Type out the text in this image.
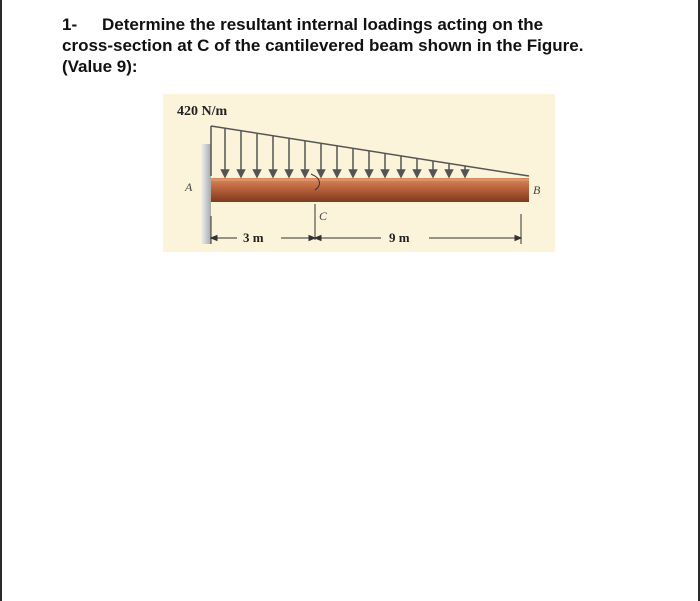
1- Determine the resultant internal loadings acting on the
cross-section at C of the cantilevered beam shown in the Figure.
(Value 9):
420 N/m
A	B
C
3 m	9 m
